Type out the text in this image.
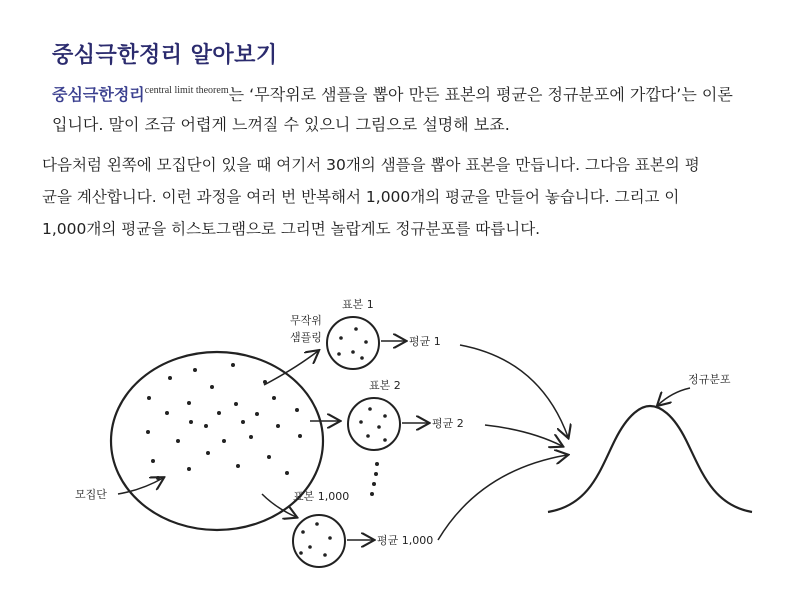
중심극한정리 알아보기
중심극한정리$^{central limit theorem}$는 ‘무작위로 샘플을 뽑아 만든 표본의 평균은 정규분포에 가깝다’는 이론
입니다. 말이 조금 어렵게 느껴질 수 있으니 그림으로 설명해 보죠.
다음처럼 왼쪽에 모집단이 있을 때 여기서 30개의 샘플을 뽑아 표본을 만듭니다. 그다음 표본의 평
균을 계산합니다. 이런 과정을 여러 번 반복해서 1,000개의 평균을 만들어 놓습니다. 그리고 이
1,000개의 평균을 히스토그램으로 그리면 놀랍게도 정규분포를 따릅니다.
모집단
무작위
샘플링
표본 1
평균 1
표본 2
평균 2
표본 1,000
평균 1,000
정규분포
